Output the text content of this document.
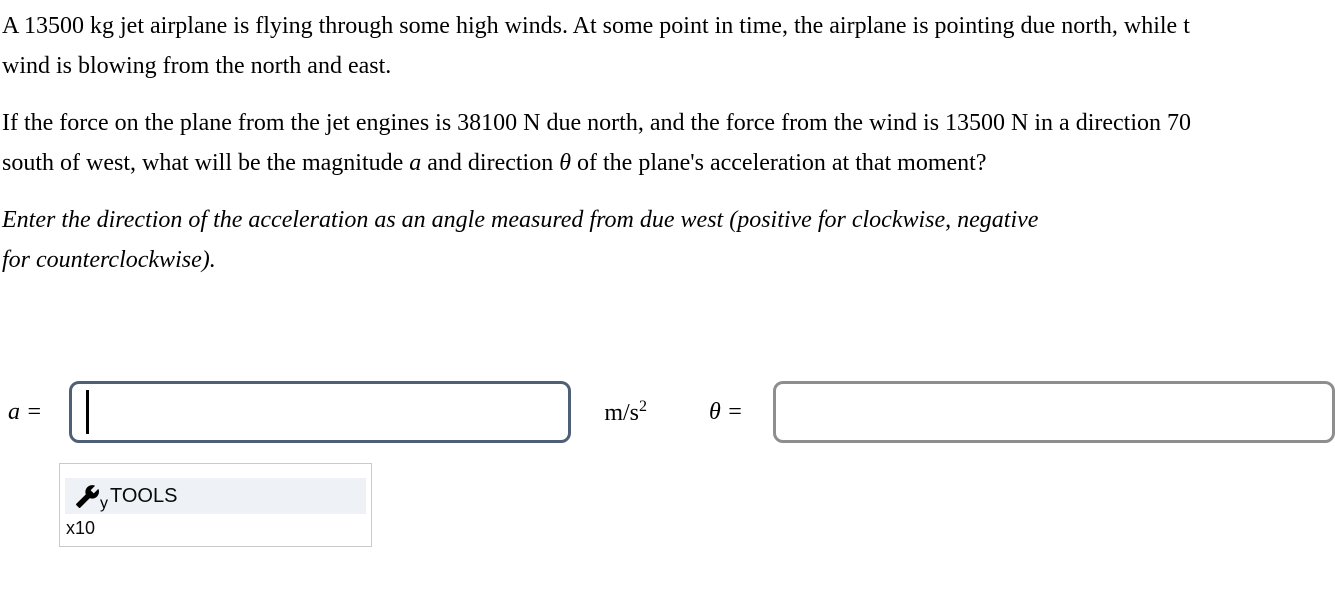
A 13500 kg jet airplane is flying through some high winds. At some point in time, the airplane is pointing due north, while t
wind is blowing from the north and east.

If the force on the plane from the jet engines is 38100 N due north, and the force from the wind is 13500 N in a direction 70
south of west, what will be the magnitude a and direction θ of the plane's acceleration at that moment?

Enter the direction of the acceleration as an angle measured from due west (positive for clockwise, negative
for counterclockwise).

a =	$m/s^2$	θ =
y TOOLS
x10
